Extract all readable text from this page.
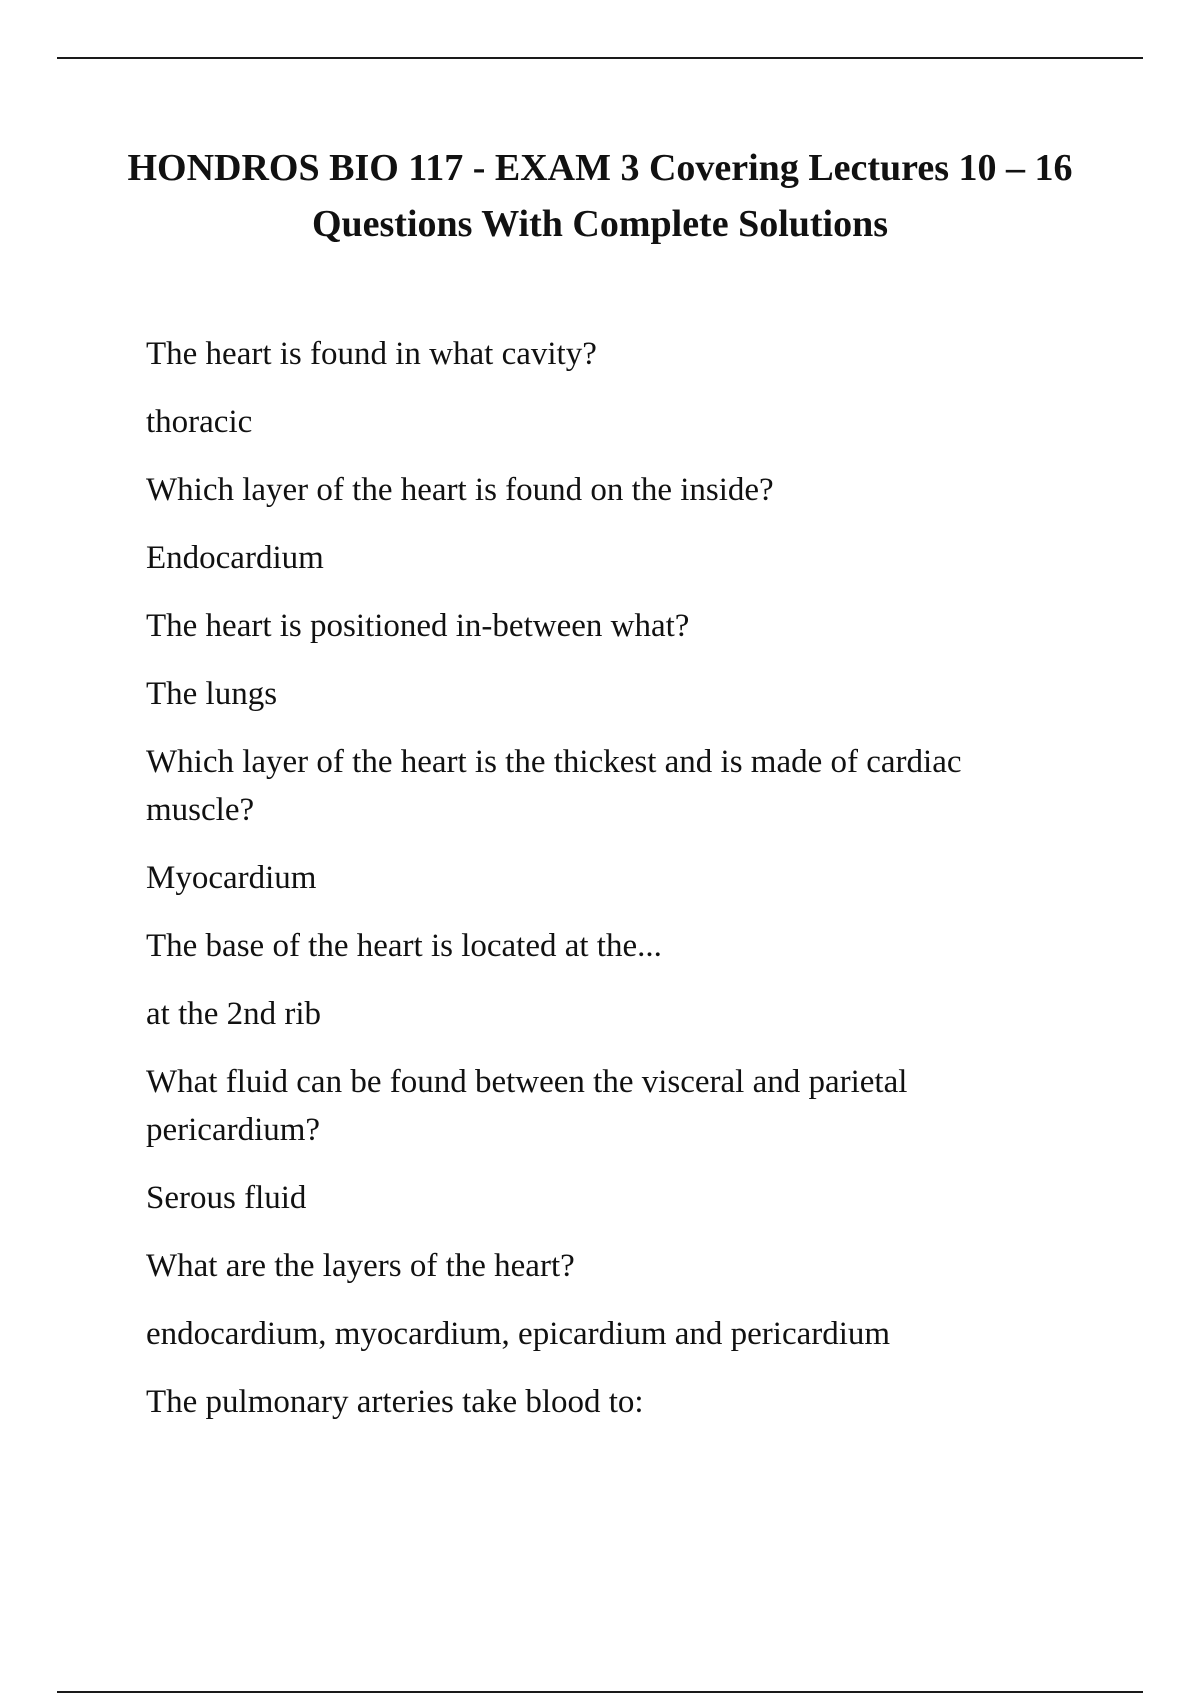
HONDROS BIO 117 - EXAM 3 Covering Lectures 10 – 16 Questions With Complete Solutions

The heart is found in what cavity?

thoracic

Which layer of the heart is found on the inside?

Endocardium

The heart is positioned in-between what?

The lungs

Which layer of the heart is the thickest and is made of cardiac muscle?

Myocardium

The base of the heart is located at the...

at the 2nd rib

What fluid can be found between the visceral and parietal pericardium?

Serous fluid

What are the layers of the heart?

endocardium, myocardium, epicardium and pericardium

The pulmonary arteries take blood to:
